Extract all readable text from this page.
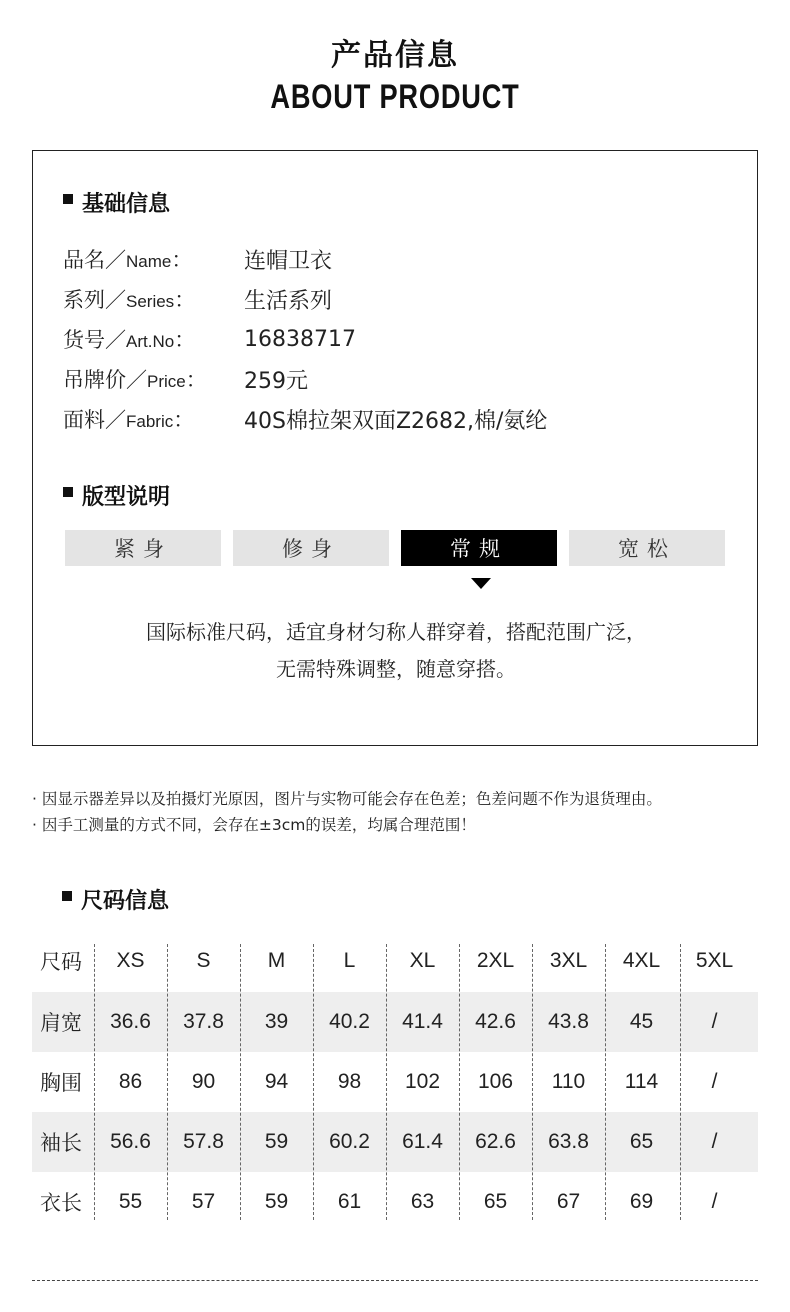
产品信息
ABOUT PRODUCT
基础信息
品名／Name：	连帽卫衣
系列／Series：	生活系列
货号／Art.No：	16838717
吊牌价／Price：	259元
面料／Fabric：	40S棉拉架双面Z2682,棉/氨纶
版型说明
紧身	修身	常规	宽松
国际标准尺码，适宜身材匀称人群穿着，搭配范围广泛，
无需特殊调整，随意穿搭。
· 因显示器差异以及拍摄灯光原因，图片与实物可能会存在色差；色差问题不作为退货理由。
· 因手工测量的方式不同，会存在±3cm的误差，均属合理范围！
尺码信息
尺码	XS	S	M	L	XL	2XL	3XL	4XL	5XL
肩宽	36.6	37.8	39	40.2	41.4	42.6	43.8	45	/
胸围	86	90	94	98	102	106	110	114	/
袖长	56.6	57.8	59	60.2	61.4	62.6	63.8	65	/
衣长	55	57	59	61	63	65	67	69	/
